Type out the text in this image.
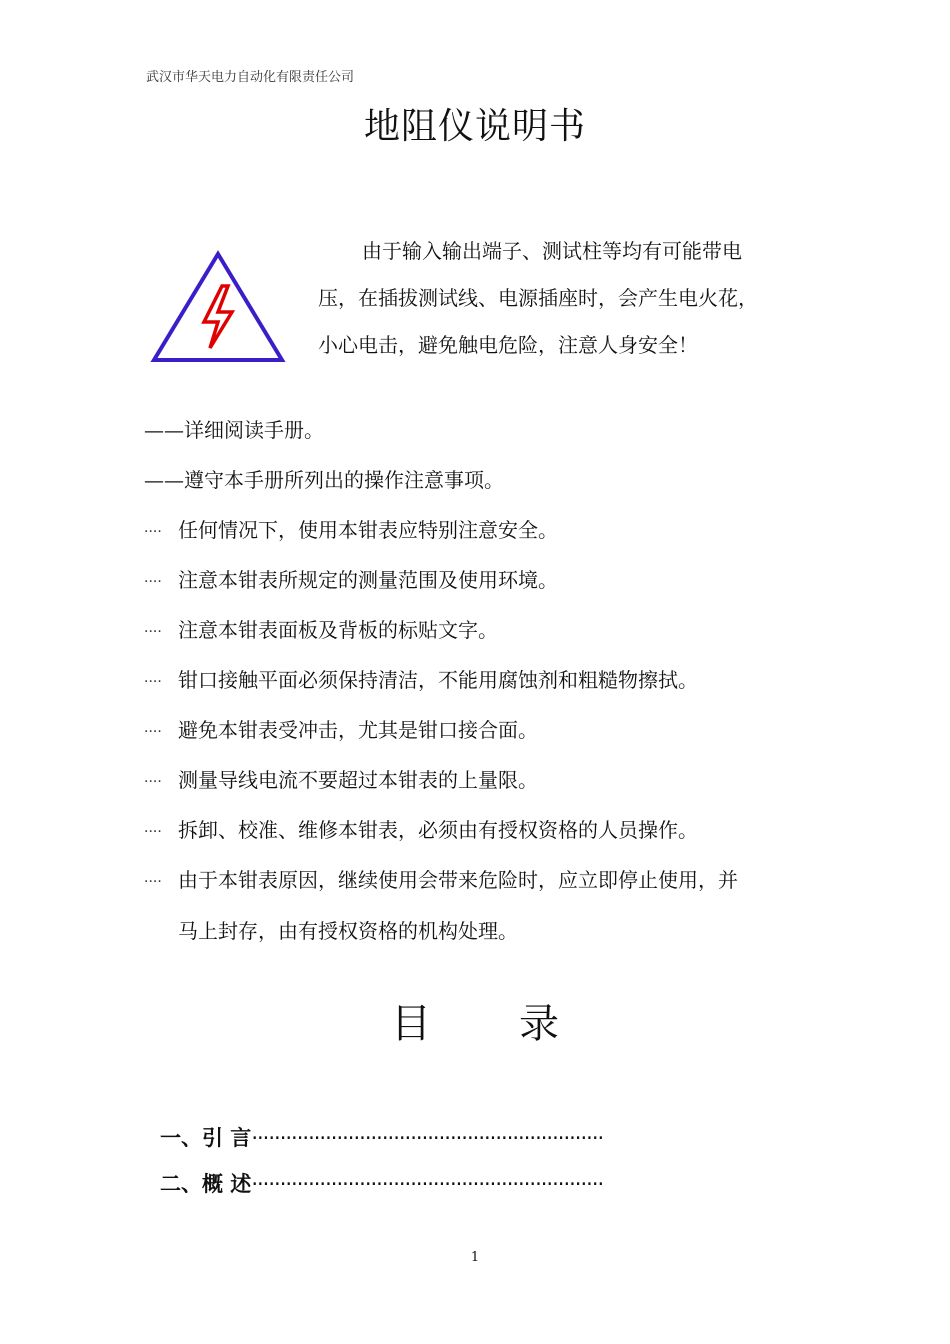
武汉市华天电力自动化有限责任公司
地阻仪说明书
由于输入输出端子、测试柱等均有可能带电
压，在插拔测试线、电源插座时，会产生电火花，
小心电击，避免触电危险，注意人身安全！
——详细阅读手册。
——遵守本手册所列出的操作注意事项。
···· 任何情况下，使用本钳表应特别注意安全。
···· 注意本钳表所规定的测量范围及使用环境。
···· 注意本钳表面板及背板的标贴文字。
···· 钳口接触平面必须保持清洁，不能用腐蚀剂和粗糙物擦拭。
···· 避免本钳表受冲击，尤其是钳口接合面。
···· 测量导线电流不要超过本钳表的上量限。
···· 拆卸、校准、维修本钳表，必须由有授权资格的人员操作。
···· 由于本钳表原因，继续使用会带来危险时，应立即停止使用，并
马上封存，由有授权资格的机构处理。
目 录
一、引 言······························································
二、概 述······························································
1
